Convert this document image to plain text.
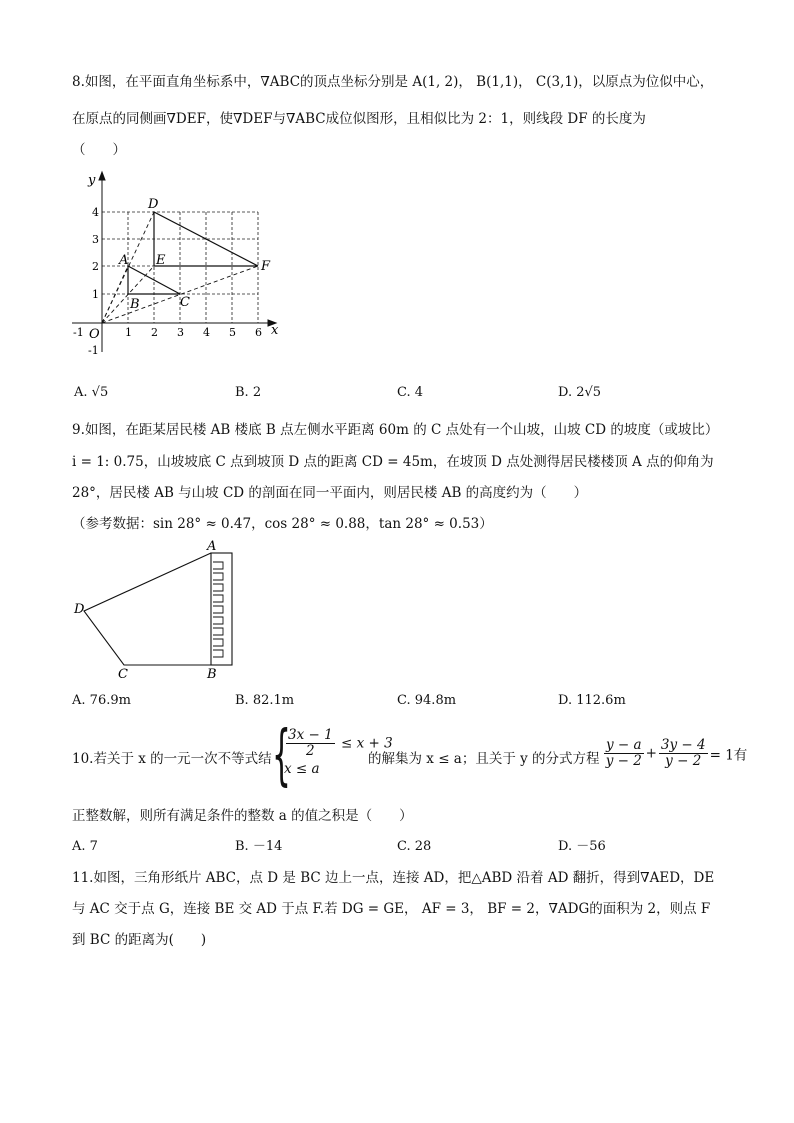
8.如图，在平面直角坐标系中，∇ABC的顶点坐标分别是 A(1, 2)， B(1,1)， C(3,1)，以原点为位似中心，
在原点的同侧画∇DEF，使∇DEF与∇ABC成位似图形，且相似比为 2：1，则线段 DF 的长度为
（　　）
y
x
O
-1	1 2 3 4 5 6
-1
1
2
3
4
A
B	C
D
E	F
A. √5	B. 2	C. 4	D. 2√5
9.如图，在距某居民楼 AB 楼底 B 点左侧水平距离 60m 的 C 点处有一个山坡，山坡 CD 的坡度（或坡比）
i = 1: 0.75，山坡坡底 C 点到坡顶 D 点的距离 CD = 45m，在坡顶 D 点处测得居民楼楼顶 A 点的仰角为
28°，居民楼 AB 与山坡 CD 的剖面在同一平面内，则居民楼 AB 的高度约为（　　）
（参考数据：sin 28° ≈ 0.47，cos 28° ≈ 0.88，tan 28° ≈ 0.53）
A
D
C	B
A. 76.9m	B. 82.1m	C. 94.8m	D. 112.6m
10.若关于 x 的一元一次不等式结 {
$\frac{3x - 1}{2} \le x + 3$
x ≤ a
的解集为 x ≤ a；且关于 y 的分式方程 $\frac{y - a}{y - 2} + \frac{3y - 4}{y - 2} = 1$有
正整数解，则所有满足条件的整数 a 的值之积是（　　）
A. 7	B. －14	C. 28	D. －56
11.如图，三角形纸片 ABC，点 D 是 BC 边上一点，连接 AD，把△ABD 沿着 AD 翻折，得到∇AED，DE
与 AC 交于点 G，连接 BE 交 AD 于点 F.若 DG = GE， AF = 3， BF = 2，∇ADG的面积为 2，则点 F
到 BC 的距离为(　　)
